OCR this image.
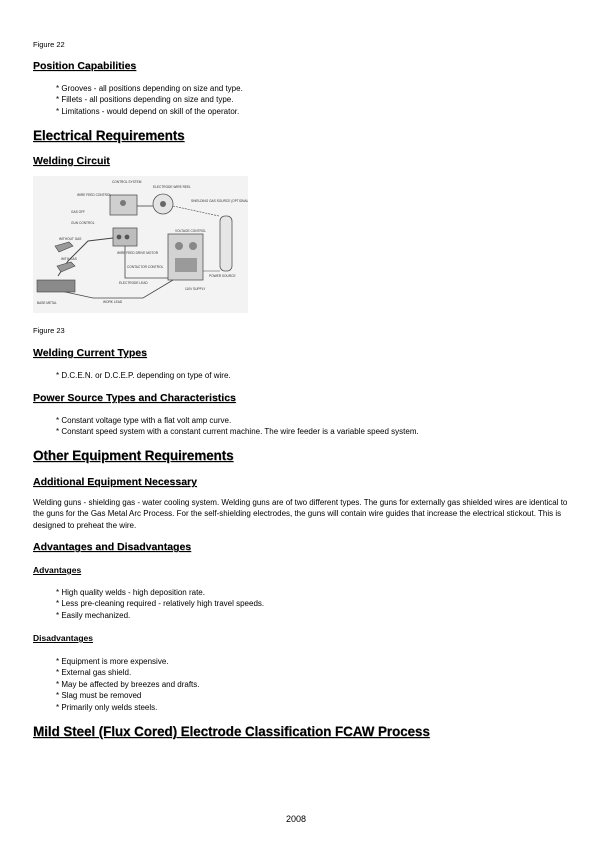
Figure 22
Position Capabilities
* Grooves - all positions depending on size and type.
* Fillets - all positions depending on size and type.
* Limitations - would depend on skill of the operator.
Electrical Requirements
Welding Circuit
CONTROL SYSTEM
ELECTRODE WIRE REEL
WIRE FEED CONTROL
SHIELDING GAS SOURCE (OPTIONAL)
GAS OFF
GUN CONTROL
VOLTAGE CONTROL
WITHOUT GAS
WITH GAS
WIRE FEED DRIVE MOTOR
CONTACTOR CONTROL
POWER SOURCE
ELECTRODE LEAD
110V SUPPLY
BASE METAL	WORK LEAD
Figure 23
Welding Current Types
* D.C.E.N. or D.C.E.P. depending on type of wire.
Power Source Types and Characteristics
* Constant voltage type with a flat volt amp curve.
* Constant speed system with a constant current machine. The wire feeder is a variable speed system.
Other Equipment Requirements
Additional Equipment Necessary
Welding guns - shielding gas - water cooling system. Welding guns are of two different types. The guns for externally gas shielded wires are identical to the guns for the Gas Metal Arc Process. For the self-shielding electrodes, the guns will contain wire guides that increase the electrical stickout. This is designed to preheat the wire.
Advantages and Disadvantages
Advantages
* High quality welds - high deposition rate.
* Less pre-cleaning required - relatively high travel speeds.
* Easily mechanized.
Disadvantages
* Equipment is more expensive.
* External gas shield.
* May be affected by breezes and drafts.
* Slag must be removed
* Primarily only welds steels.
Mild Steel (Flux Cored) Electrode Classification FCAW Process
2008
